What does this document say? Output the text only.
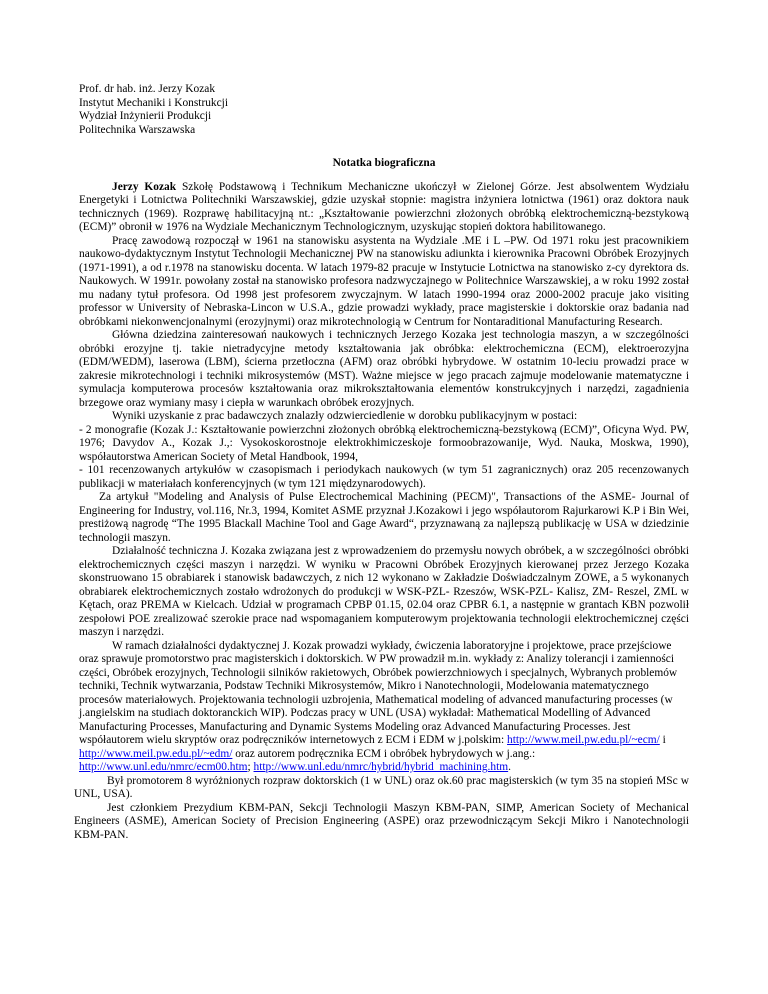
Prof. dr hab. inż. Jerzy Kozak
Instytut Mechaniki i Konstrukcji
Wydział Inżynierii Produkcji
Politechnika Warszawska
Notatka biograficzna

Jerzy Kozak Szkołę Podstawową i Technikum Mechaniczne ukończył w Zielonej Górze. Jest absolwentem Wydziału Energetyki i Lotnictwa Politechniki Warszawskiej, gdzie uzyskał stopnie: magistra inżyniera lotnictwa (1961) oraz doktora nauk technicznych (1969). Rozprawę habilitacyjną nt.: „Kształtowanie powierzchni złożonych obróbką elektrochemiczną-bezstykową (ECM)” obronił w 1976 na Wydziale Mechanicznym Technologicznym, uzyskując stopień doktora habilitowanego.

Pracę zawodową rozpoczął w 1961 na stanowisku asystenta na Wydziale .ME i L –PW. Od 1971 roku jest pracownikiem naukowo-dydaktycznym Instytut Technologii Mechanicznej PW na stanowisku adiunkta i kierownika Pracowni Obróbek Erozyjnych (1971-1991), a od r.1978 na stanowisku docenta. W latach 1979-82 pracuje w Instytucie Lotnictwa na stanowisko z-cy dyrektora ds. Naukowych. W 1991r. powołany został na stanowisko profesora nadzwyczajnego w Politechnice Warszawskiej, a w roku 1992 został mu nadany tytuł profesora. Od 1998 jest profesorem zwyczajnym. W latach 1990-1994 oraz 2000-2002 pracuje jako visiting professor w University of Nebraska-Lincon w U.S.A., gdzie prowadzi wykłady, prace magisterskie i doktorskie oraz badania nad obróbkami niekonwencjonalnymi (erozyjnymi) oraz mikrotechnologią w Centrum for Nontaraditional Manufacturing Research.

Główna dziedzina zainteresowań naukowych i technicznych Jerzego Kozaka jest technologia maszyn, a w szczególności obróbki erozyjne tj. takie nietradycyjne metody kształtowania jak obróbka: elektrochemiczna (ECM), elektroerozyjna (EDM/WEDM), laserowa (LBM), ścierna przetłoczna (AFM) oraz obróbki hybrydowe. W ostatnim 10-leciu prowadzi prace w zakresie mikrotechnologi i techniki mikrosystemów (MST). Ważne miejsce w jego pracach zajmuje modelowanie matematyczne i symulacja komputerowa procesów kształtowania oraz mikrokształtowania elementów konstrukcyjnych i narzędzi, zagadnienia brzegowe oraz wymiany masy i ciepła w warunkach obróbek erozyjnych.

Wyniki uzyskanie z prac badawczych znalazły odzwierciedlenie w dorobku publikacyjnym w postaci:

- 2 monografie (Kozak J.: Kształtowanie powierzchni złożonych obróbką elektrochemiczną-bezstykową (ECM)”, Oficyna Wyd. PW, 1976; Davydov A., Kozak J.,: Vysokoskorostnoje elektrokhimiczeskoje formoobrazowanije, Wyd. Nauka, Moskwa, 1990), współautorstwa American Society of Metal Handbook, 1994,

- 101 recenzowanych artykułów w czasopismach i periodykach naukowych (w tym 51 zagranicznych) oraz 205 recenzowanych publikacji w materiałach konferencyjnych (w tym 121 międzynarodowych).

Za artykuł "Modeling and Analysis of Pulse Electrochemical Machining (PECM)", Transactions of the ASME- Journal of Engineering for Industry, vol.116, Nr.3, 1994, Komitet ASME przyznał J.Kozakowi i jego współautorom Rajurkarowi K.P i Bin Wei, prestiżową nagrodę “The 1995 Blackall Machine Tool and Gage Award“, przyznawaną za najlepszą publikację w USA w dziedzinie technologii maszyn.

Działalność techniczna J. Kozaka związana jest z wprowadzeniem do przemysłu nowych obróbek, a w szczególności obróbki elektrochemicznych części maszyn i narzędzi. W wyniku w Pracowni Obróbek Erozyjnych kierowanej przez Jerzego Kozaka skonstruowano 15 obrabiarek i stanowisk badawczych, z nich 12 wykonano w Zakładzie Doświadczalnym ZOWE, a 5 wykonanych obrabiarek elektrochemicznych zostało wdrożonych do produkcji w WSK-PZL- Rzeszów, WSK-PZL- Kalisz, ZM- Reszel, ZML w Kętach, oraz PREMA w Kielcach. Udział w programach CPBP 01.15, 02.04 oraz CPBR 6.1, a następnie w grantach KBN pozwolił zespołowi POE zrealizować szerokie prace nad wspomaganiem komputerowym projektowania technologii elektrochemicznej części maszyn i narzędzi.

W ramach działalności dydaktycznej J. Kozak prowadzi wykłady, ćwiczenia laboratoryjne i projektowe, prace przejściowe oraz sprawuje promotorstwo prac magisterskich i doktorskich. W PW prowadził m.in. wykłady z: Analizy tolerancji i zamienności części, Obróbek erozyjnych, Technologii silników rakietowych, Obróbek powierzchniowych i specjalnych, Wybranych problemów techniki, Technik wytwarzania, Podstaw Techniki Mikrosystemów, Mikro i Nanotechnologii, Modelowania matematycznego procesów materiałowych. Projektowania technologii uzbrojenia, Mathematical modeling of advanced manufacturing processes (w j.angielskim na studiach doktoranckich WIP). Podczas pracy w UNL (USA) wykładał: Mathematical Modelling of Advanced Manufacturing Processes, Manufacturing and Dynamic Systems Modeling oraz Advanced Manufacturing Processes. Jest współautorem wielu skryptów oraz podręczników internetowych z ECM i EDM w j.polskim: http://www.meil.pw.edu.pl/~ecm/ i http://www.meil.pw.edu.pl/~edm/ oraz autorem podręcznika ECM i obróbek hybrydowych w j.ang.: http://www.unl.edu/nmrc/ecm00.htm; http://www.unl.edu/nmrc/hybrid/hybrid_machining.htm.

Był promotorem 8 wyróżnionych rozpraw doktorskich (1 w UNL) oraz ok.60 prac magisterskich (w tym 35 na stopień MSc w UNL, USA).

Jest członkiem Prezydium KBM-PAN, Sekcji Technologii Maszyn KBM-PAN, SIMP, American Society of Mechanical Engineers (ASME), American Society of Precision Engineering (ASPE) oraz przewodniczącym Sekcji Mikro i Nanotechnologii KBM-PAN.
